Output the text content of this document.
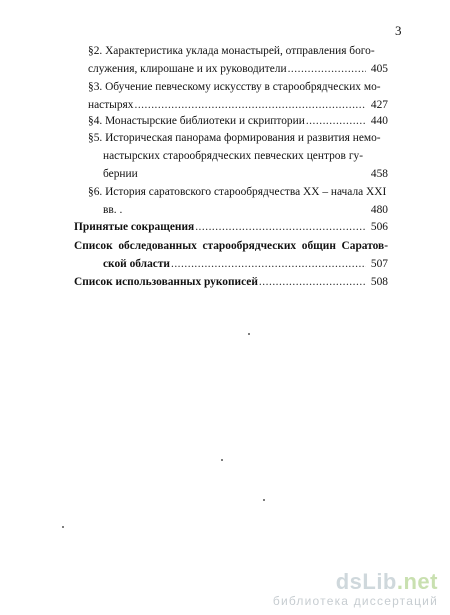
3
§2. Характеристика уклада монастырей, отправления бого-
служения, клирошане и их руководители .....	405
§3. Обучение певческому искусству в старообрядческих мо-
настырях .....	427
§4. Монастырские библиотеки и скриптории .....	440
§5. Историческая панорама формирования и развития немо-
настырских старообрядческих певческих центров гу-
бернии	458
§6. История саратовского старообрядчества XX – начала XXI
вв. .	480
Принятые сокращения .....	506
Список обследованных старообрядческих общин Саратов-
ской области .....	507
Список использованных рукописей .....	508
dsLib.net
библиотека диссертаций
